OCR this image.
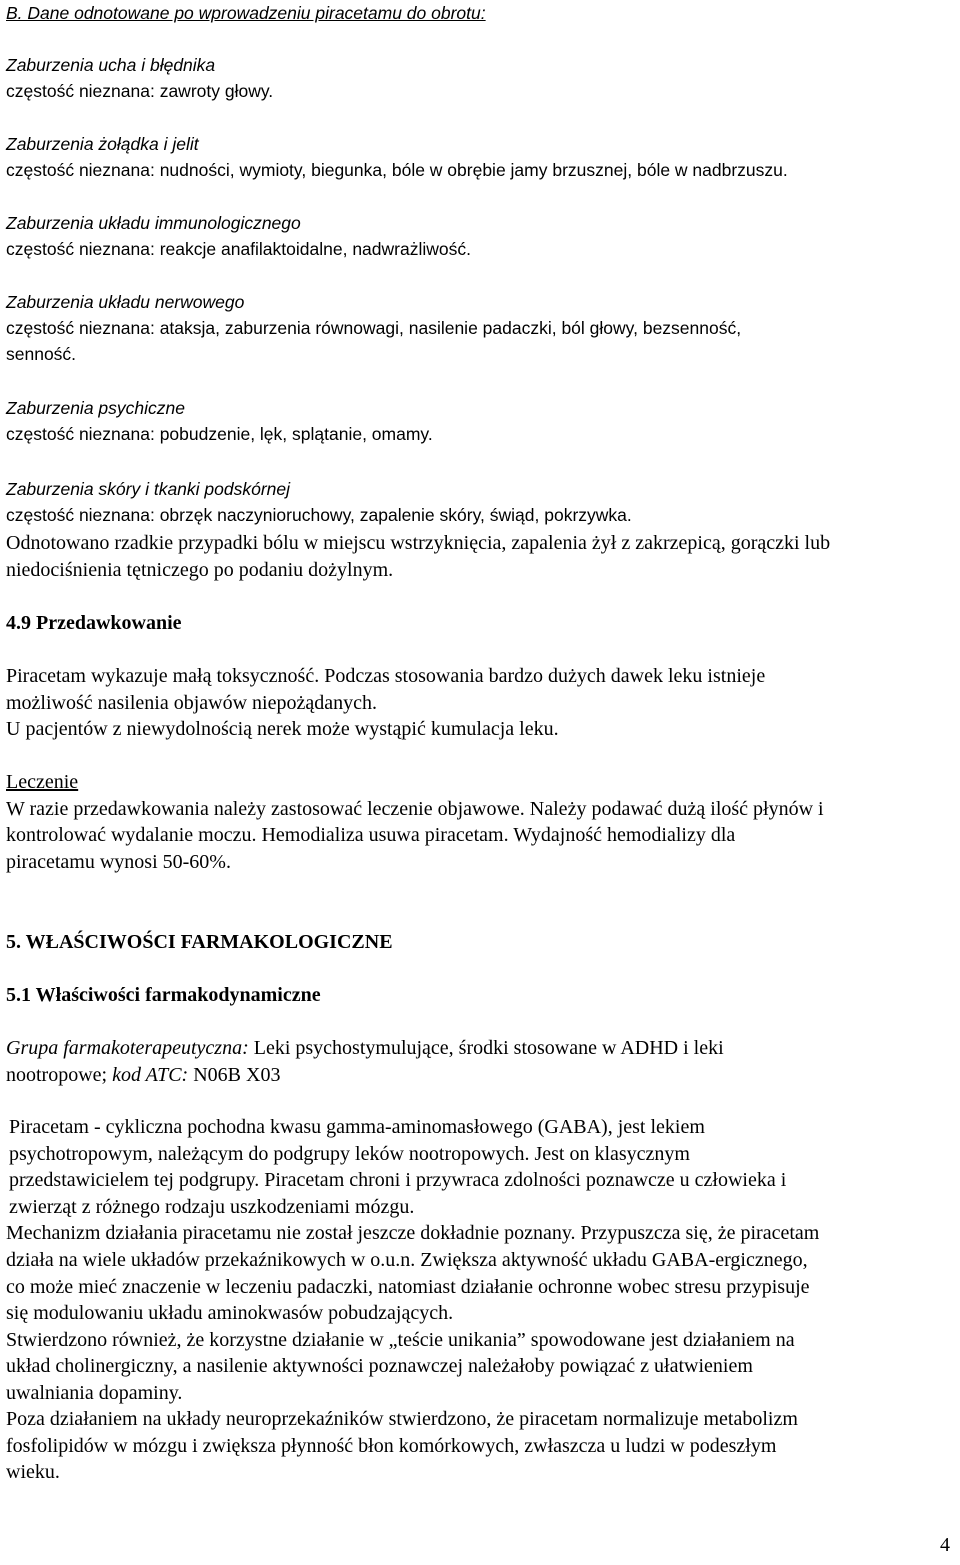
B. Dane odnotowane po wprowadzeniu piracetamu do obrotu:
Zaburzenia ucha i błędnika
częstość nieznana: zawroty głowy.
Zaburzenia żołądka i jelit
częstość nieznana: nudności, wymioty, biegunka, bóle w obrębie jamy brzusznej, bóle w nadbrzuszu.
Zaburzenia układu immunologicznego
częstość nieznana: reakcje anafilaktoidalne, nadwrażliwość.
Zaburzenia układu nerwowego
częstość nieznana: ataksja, zaburzenia równowagi, nasilenie padaczki, ból głowy, bezsenność,
senność.
Zaburzenia psychiczne
częstość nieznana: pobudzenie, lęk, splątanie, omamy.
Zaburzenia skóry i tkanki podskórnej
częstość nieznana: obrzęk naczynioruchowy, zapalenie skóry, świąd, pokrzywka.
Odnotowano rzadkie przypadki bólu w miejscu wstrzyknięcia, zapalenia żył z zakrzepicą, gorączki lub
niedociśnienia tętniczego po podaniu dożylnym.
4.9 Przedawkowanie
Piracetam wykazuje małą toksyczność. Podczas stosowania bardzo dużych dawek leku istnieje
możliwość nasilenia objawów niepożądanych.
U pacjentów z niewydolnością nerek może wystąpić kumulacja leku.
Leczenie
W razie przedawkowania należy zastosować leczenie objawowe. Należy podawać dużą ilość płynów i
kontrolować wydalanie moczu. Hemodializa usuwa piracetam. Wydajność hemodializy dla
piracetamu wynosi 50-60%.
5. WŁAŚCIWOŚCI FARMAKOLOGICZNE
5.1 Właściwości farmakodynamiczne
Grupa farmakoterapeutyczna: Leki psychostymulujące, środki stosowane w ADHD i leki
nootropowe; kod ATC: N06B X03
Piracetam - cykliczna pochodna kwasu gamma-aminomasłowego (GABA), jest lekiem
psychotropowym, należącym do podgrupy leków nootropowych. Jest on klasycznym
przedstawicielem tej podgrupy. Piracetam chroni i przywraca zdolności poznawcze u człowieka i
zwierząt z różnego rodzaju uszkodzeniami mózgu.
Mechanizm działania piracetamu nie został jeszcze dokładnie poznany. Przypuszcza się, że piracetam
działa na wiele układów przekaźnikowych w o.u.n. Zwiększa aktywność układu GABA-ergicznego,
co może mieć znaczenie w leczeniu padaczki, natomiast działanie ochronne wobec stresu przypisuje
się modulowaniu układu aminokwasów pobudzających.
Stwierdzono również, że korzystne działanie w „teście unikania” spowodowane jest działaniem na
układ cholinergiczny, a nasilenie aktywności poznawczej należałoby powiązać z ułatwieniem
uwalniania dopaminy.
Poza działaniem na układy neuroprzekaźników stwierdzono, że piracetam normalizuje metabolizm
fosfolipidów w mózgu i zwiększa płynność błon komórkowych, zwłaszcza u ludzi w podeszłym
wieku.
4
